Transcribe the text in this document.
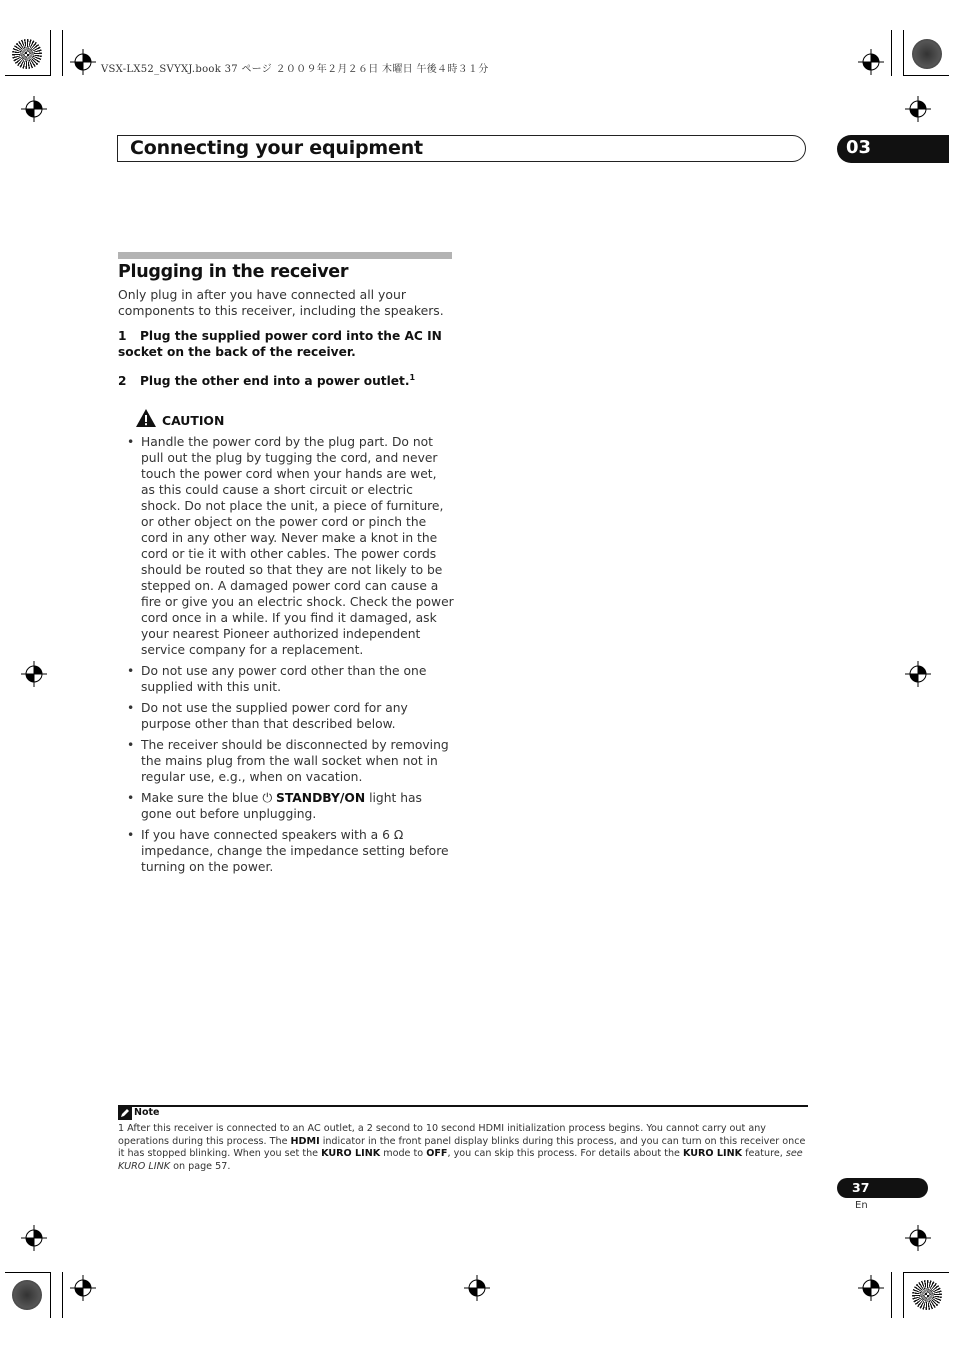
VSX-LX52_SVYXJ.book 37 ページ ２００９年２月２６日 木曜日 午後４時３１分
Connecting your equipment	03
Plugging in the receiver
Only plug in after you have connected all your components to this receiver, including the speakers.
1 Plug the supplied power cord into the AC IN socket on the back of the receiver.
2 Plug the other end into a power outlet.$^1$
CAUTION
• Handle the power cord by the plug part. Do not pull out the plug by tugging the cord, and never touch the power cord when your hands are wet, as this could cause a short circuit or electric shock. Do not place the unit, a piece of furniture, or other object on the power cord or pinch the cord in any other way. Never make a knot in the cord or tie it with other cables. The power cords should be routed so that they are not likely to be stepped on. A damaged power cord can cause a fire or give you an electric shock. Check the power cord once in a while. If you find it damaged, ask your nearest Pioneer authorized independent service company for a replacement.
• Do not use any power cord other than the one supplied with this unit.
• Do not use the supplied power cord for any purpose other than that described below.
• The receiver should be disconnected by removing the mains plug from the wall socket when not in regular use, e.g., when on vacation.
• Make sure the blue ⏻ STANDBY/ON light has gone out before unplugging.
• If you have connected speakers with a 6 Ω impedance, change the impedance setting before turning on the power.
Note
1 After this receiver is connected to an AC outlet, a 2 second to 10 second HDMI initialization process begins. You cannot carry out any operations during this process. The HDMI indicator in the front panel display blinks during this process, and you can turn on this receiver once it has stopped blinking. When you set the KURO LINK mode to OFF, you can skip this process. For details about the KURO LINK feature, see KURO LINK on page 57.
37
En
